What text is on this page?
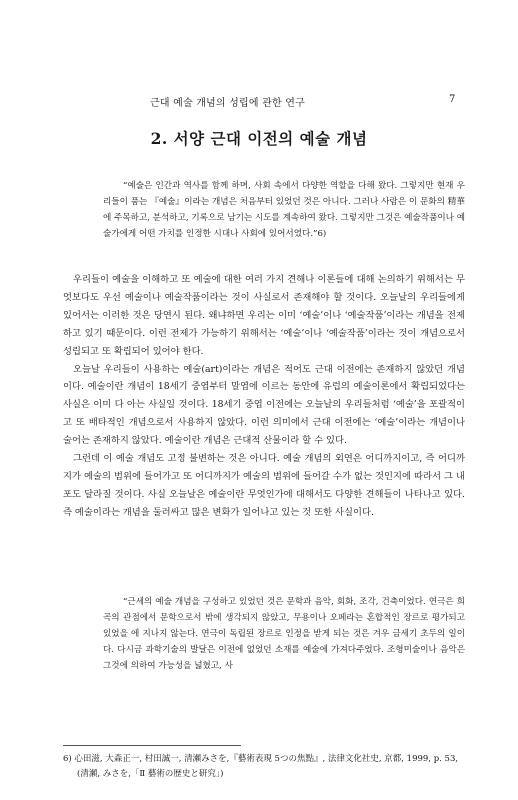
근대 예술 개념의 성립에 관한 연구	7
2. 서양 근대 이전의 예술 개념

“예술은 인간과 역사를 함께 하며, 사회 속에서 다양한 역할을 다해 왔다. 그렇지만 현재 우리들이 품는 『예술』이라는 개념은 처음부터 있었던 것은 아니다. 그러나 사람은 이 문화의 精華에 주목하고, 분석하고, 기록으로 남기는 시도를 계속하여 왔다. 그렇지만 그것은 예술작품이나 예술가에게 어떤 가치를 인정한 시대나 사회에 있어서였다.”6)

우리들이 예술을 이해하고 또 예술에 대한 여러 가지 견해나 이론들에 대해 논의하기 위해서는 무엇보다도 우선 예술이나 예술작품이라는 것이 사실로서 존재해야 할 것이다. 오늘날의 우리들에게 있어서는 이러한 것은 당연시 된다. 왜냐하면 우리는 이미 ‘예술’이나 ‘예술작품’이라는 개념을 전제하고 있기 때문이다. 이런 전제가 가능하기 위해서는 ‘예술’이나 ‘예술작품’이라는 것이 개념으로서 성립되고 또 확립되어 있어야 한다.

오늘날 우리들이 사용하는 예술(art)이라는 개념은 적어도 근대 이전에는 존재하지 않았던 개념 이다. 예술이란 개념이 18세기 중엽부터 말엽에 이르는 동안에 유럽의 예술이론에서 확립되었다는 사실은 이미 다 아는 사실일 것이다. 18세기 중엽 이전에는 오늘날의 우리들처럼 ‘예술’을 포괄적이고 또 배타적인 개념으로서 사용하지 않았다. 이런 의미에서 근대 이전에는 ‘예술’이라는 개념이나 술어는 존재하지 않았다. 예술이란 개념은 근대적 산물이라 할 수 있다.

그런데 이 예술 개념도 고정 불변하는 것은 아니다. 예술 개념의 외연은 어디까지이고, 즉 어디까지가 예술의 범위에 들어가고 또 어디까지가 예술의 범위에 들어갈 수가 없는 것인지에 따라서 그 내포도 달라질 것이다. 사실 오늘날은 예술이란 무엇인가에 대해서도 다양한 견해들이 나타나고 있다. 즉 예술이라는 개념을 둘러싸고 많은 변화가 일어나고 있는 것 또한 사실이다.

“근세의 예술 개념을 구성하고 있었던 것은 문학과 음악, 회화, 조각, 건축이었다. 연극은 희곡의 관점에서 문학으로서 밖에 생각되지 않았고, 무용이나 오페라는 혼합적인 장르로 평가되고 있었을 에 지나지 않는다. 연극이 독립된 장르로 인정을 받게 되는 것은 겨우 금세기 초두의 일이다. 다시금 과학기술의 발달은 이전에 없었던 소재를 예술에 가져다주었다. 조형미술이나 음악은 그것에 의하여 가능성을 넓혔고, 사

6) 心田滋, 大森正一, 村田誠一, 清瀬みさを,『藝術表現 5つの焦點』, 法律文化社史, 京都, 1999, p. 53,(清瀬, みさを,「Ⅱ 藝術の歴史と研究」)
